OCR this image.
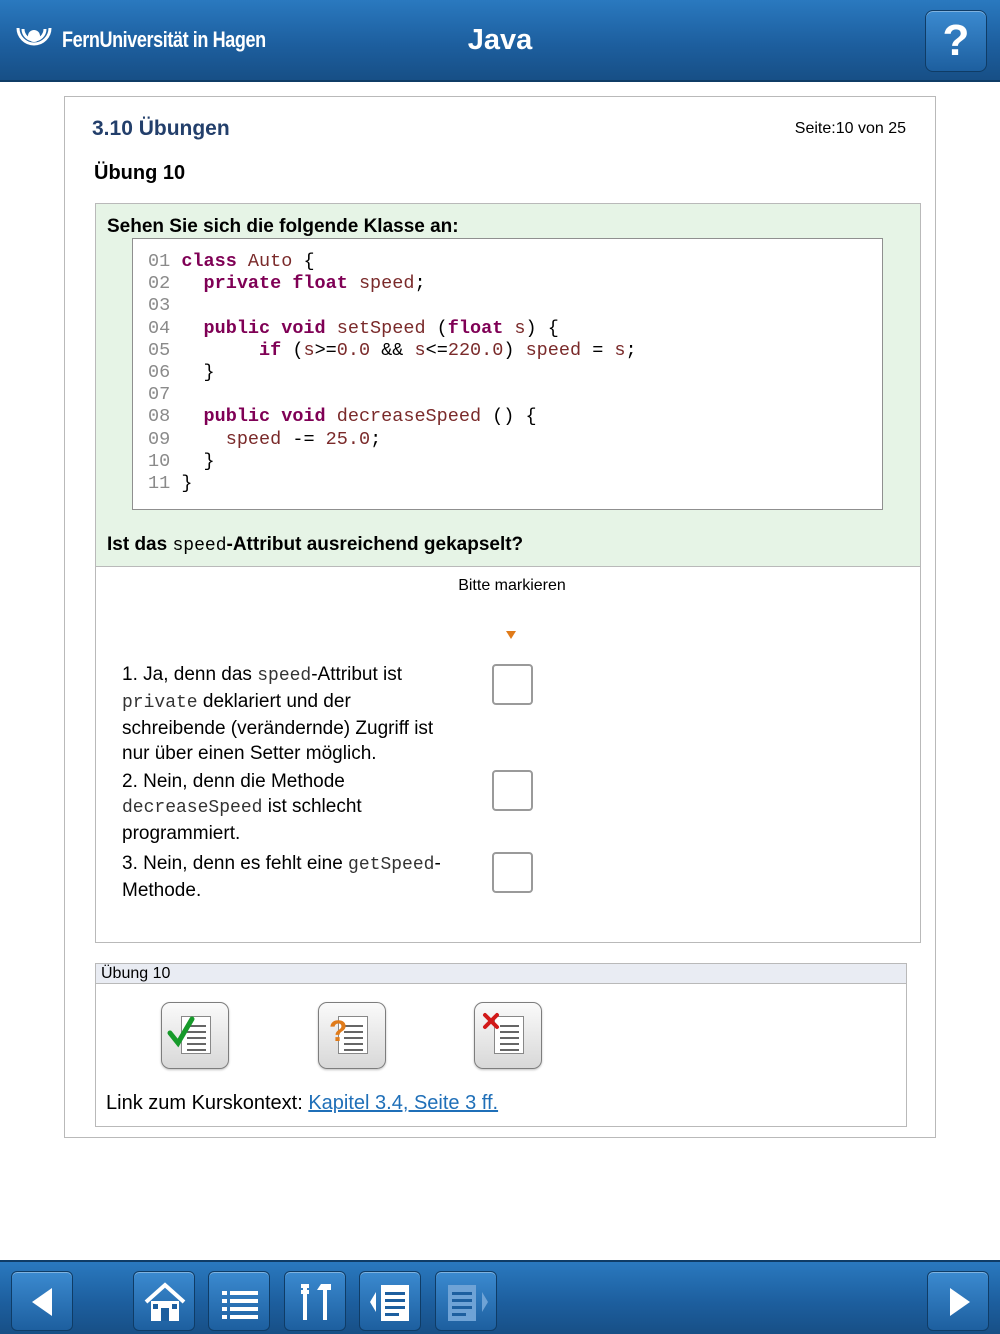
FernUniversität in Hagen	Java	?
3.10 Übungen	Seite:10 von 25
Übung 10
Sehen Sie sich die folgende Klasse an:
01 class Auto {
02   private float speed;
03
04   public void setSpeed (float s) {
05        if (s>=0.0 && s<=220.0) speed = s;
06   }
07
08   public void decreaseSpeed () {
09     speed -= 25.0;
10   }
11 }
Ist das speed-Attribut ausreichend gekapselt?
Bitte markieren
1. Ja, denn das speed-Attribut ist private deklariert und der schreibende (verändernde) Zugriff ist nur über einen Setter möglich.
2. Nein, denn die Methode decreaseSpeed ist schlecht programmiert.
3. Nein, denn es fehlt eine getSpeed-Methode.
Übung 10
?
Link zum Kurskontext: Kapitel 3.4, Seite 3 ff.
